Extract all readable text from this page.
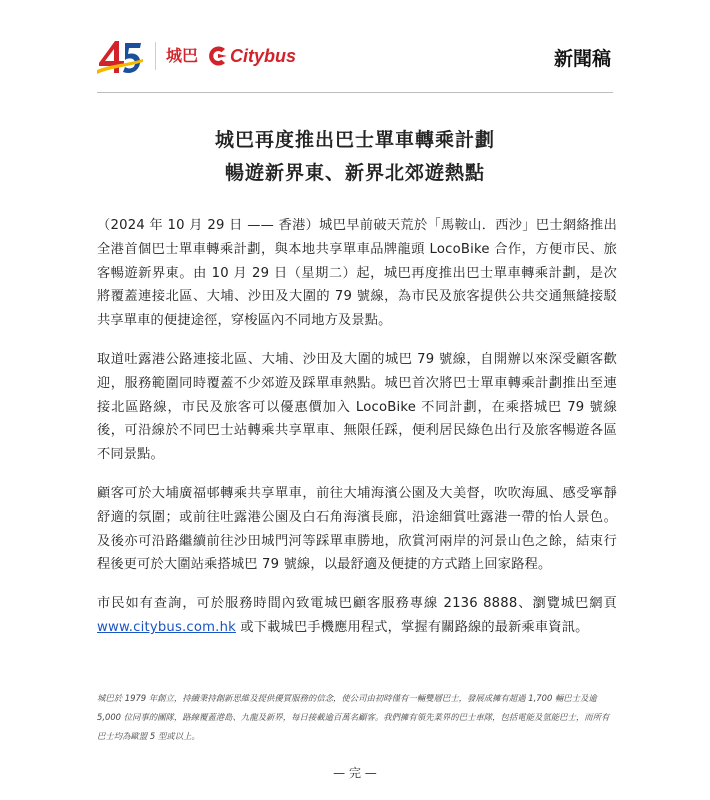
城巴 Citybus	新聞稿
城巴再度推出巴士單車轉乘計劃
暢遊新界東、新界北郊遊熱點

（2024 年 10 月 29 日 —— 香港）城巴早前破天荒於「馬鞍山．西沙」巴士網絡推出全港首個巴士單車轉乘計劃，與本地共享單車品牌龍頭 LocoBike 合作，方便市民、旅客暢遊新界東。由 10 月 29 日（星期二）起，城巴再度推出巴士單車轉乘計劃，是次將覆蓋連接北區、大埔、沙田及大圍的 79 號線，為市民及旅客提供公共交通無縫接駁共享單車的便捷途徑，穿梭區內不同地方及景點。

取道吐露港公路連接北區、大埔、沙田及大圍的城巴 79 號線，自開辦以來深受顧客歡迎，服務範圍同時覆蓋不少郊遊及踩單車熱點。城巴首次將巴士單車轉乘計劃推出至連接北區路線，市民及旅客可以優惠價加入 LocoBike 不同計劃，在乘搭城巴 79 號線後，可沿線於不同巴士站轉乘共享單車、無限任踩，便利居民綠色出行及旅客暢遊各區不同景點。

顧客可於大埔廣福邨轉乘共享單車，前往大埔海濱公園及大美督，吹吹海風、感受寧靜舒適的氛圍；或前往吐露港公園及白石角海濱長廊，沿途細賞吐露港一帶的怡人景色。及後亦可沿路繼續前往沙田城門河等踩單車勝地，欣賞河兩岸的河景山色之餘，結束行程後更可於大圍站乘搭城巴 79 號線，以最舒適及便捷的方式踏上回家路程。

市民如有查詢，可於服務時間內致電城巴顧客服務專線 2136 8888、瀏覽城巴網頁 www.citybus.com.hk 或下載城巴手機應用程式，掌握有關路線的最新乘車資訊。

城巴於 1979 年創立，持續秉持創新思維及提供優質服務的信念，使公司由初時僅有一輛雙層巴士，發展成擁有超過 1,700 輛巴士及逾 5,000 位同事的團隊，路線覆蓋港島、九龍及新界，每日接載逾百萬名顧客。我們擁有領先業界的巴士車隊，包括電能及氫能巴士，而所有巴士均為歐盟 5 型或以上。
— 完 —
